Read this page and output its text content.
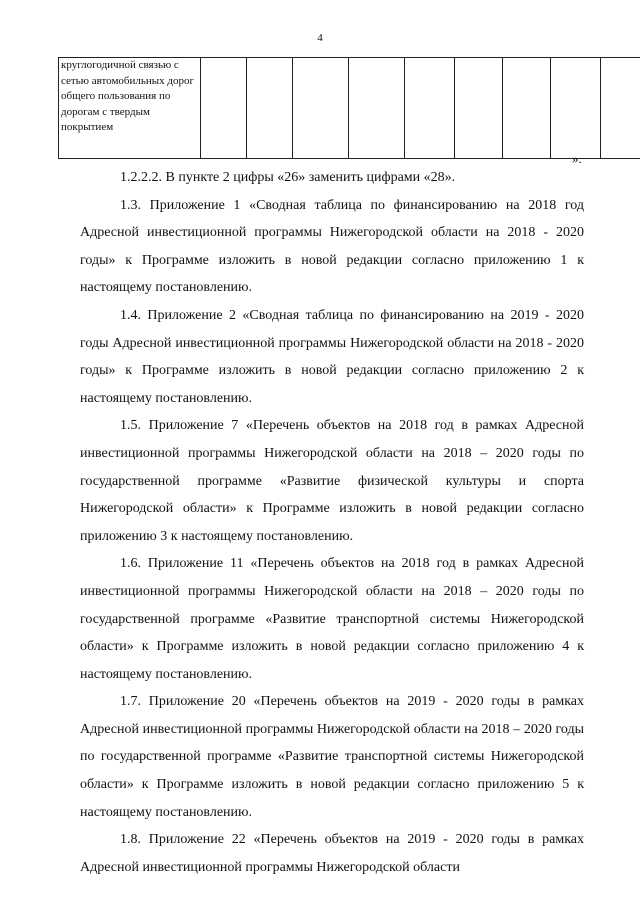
4
круглогодичной связью с сетью автомобильных дорог общего пользования по дорогам с твердым покрытием									
».

1.2.2.2. В пункте 2 цифры «26» заменить цифрами «28».

1.3. Приложение 1 «Сводная таблица по финансированию на 2018 год Адресной инвестиционной программы Нижегородской области на 2018 - 2020 годы» к Программе изложить в новой редакции согласно приложению 1 к настоящему постановлению.

1.4. Приложение 2 «Сводная таблица по финансированию на 2019 - 2020 годы Адресной инвестиционной программы Нижегородской области на 2018 - 2020 годы» к Программе изложить в новой редакции согласно приложению 2 к настоящему постановлению.

1.5. Приложение 7 «Перечень объектов на 2018 год в рамках Адресной инвестиционной программы Нижегородской области на 2018 – 2020 годы по государственной программе «Развитие физической культуры и спорта Нижегородской области» к Программе изложить в новой редакции согласно приложению 3 к настоящему постановлению.

1.6. Приложение 11 «Перечень объектов на 2018 год в рамках Адресной инвестиционной программы Нижегородской области на 2018 – 2020 годы по государственной программе «Развитие транспортной системы Нижегородской области» к Программе изложить в новой редакции согласно приложению 4 к настоящему постановлению.

1.7. Приложение 20 «Перечень объектов на 2019 - 2020 годы в рамках Адресной инвестиционной программы Нижегородской области на 2018 – 2020 годы по государственной программе «Развитие транспортной системы Нижегородской области» к Программе изложить в новой редакции согласно приложению 5 к настоящему постановлению.

1.8. Приложение 22 «Перечень объектов на 2019 - 2020 годы в рамках Адресной инвестиционной программы Нижегородской области
